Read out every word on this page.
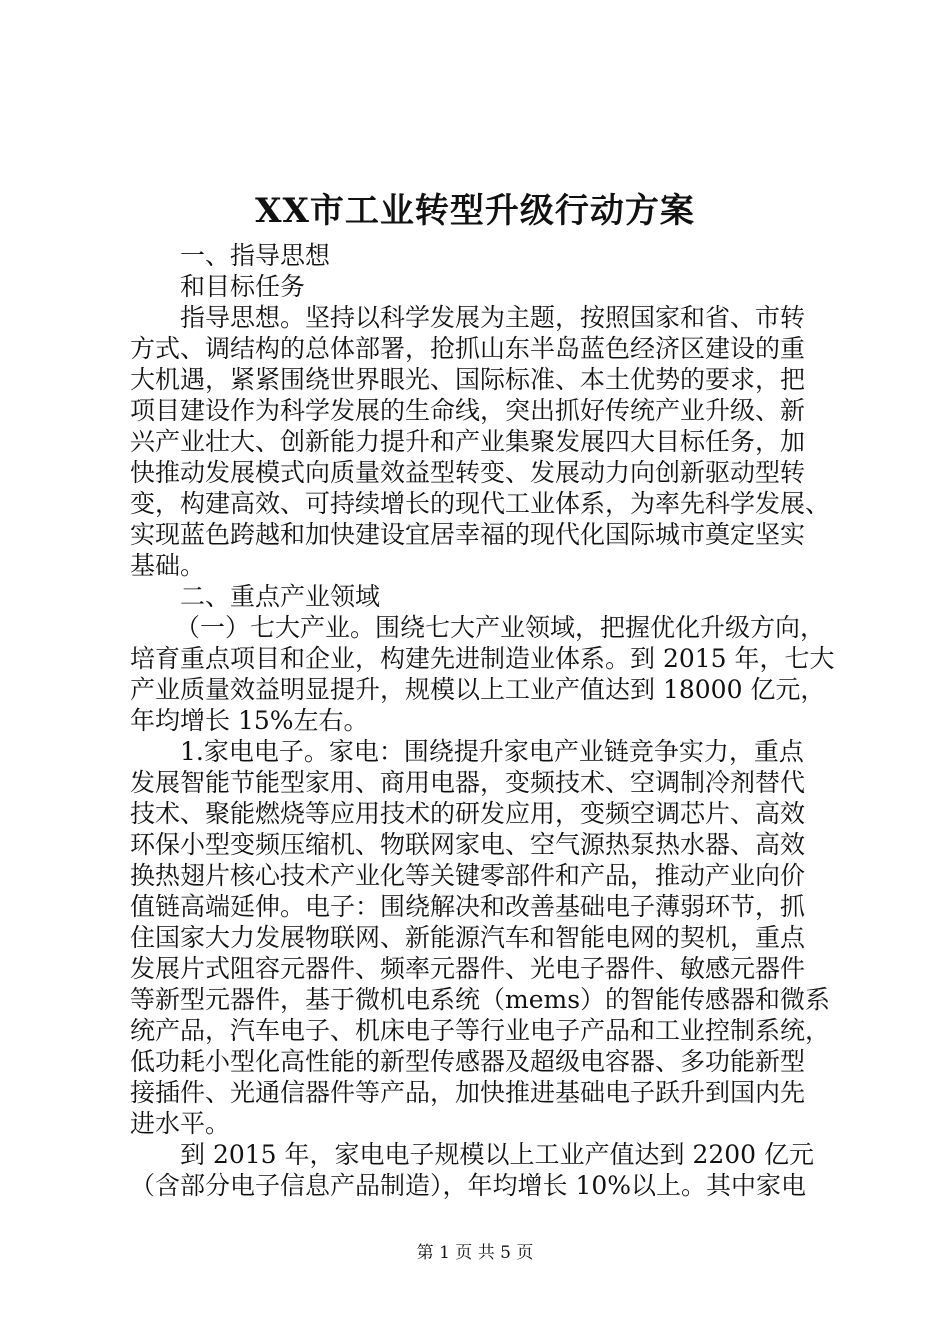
XX市工业转型升级行动方案
一、指导思想
和目标任务
指导思想。坚持以科学发展为主题，按照国家和省、市转
方式、调结构的总体部署，抢抓山东半岛蓝色经济区建设的重
大机遇，紧紧围绕世界眼光、国际标准、本土优势的要求，把
项目建设作为科学发展的生命线，突出抓好传统产业升级、新
兴产业壮大、创新能力提升和产业集聚发展四大目标任务，加
快推动发展模式向质量效益型转变、发展动力向创新驱动型转
变，构建高效、可持续增长的现代工业体系，为率先科学发展、
实现蓝色跨越和加快建设宜居幸福的现代化国际城市奠定坚实
基础。
二、重点产业领域
（一）七大产业。围绕七大产业领域，把握优化升级方向，
培育重点项目和企业，构建先进制造业体系。到 2015 年，七大
产业质量效益明显提升，规模以上工业产值达到 18000 亿元，
年均增长 15%左右。
1.家电电子。家电：围绕提升家电产业链竞争实力，重点
发展智能节能型家用、商用电器，变频技术、空调制冷剂替代
技术、聚能燃烧等应用技术的研发应用，变频空调芯片、高效
环保小型变频压缩机、物联网家电、空气源热泵热水器、高效
换热翅片核心技术产业化等关键零部件和产品，推动产业向价
值链高端延伸。电子：围绕解决和改善基础电子薄弱环节，抓
住国家大力发展物联网、新能源汽车和智能电网的契机，重点
发展片式阻容元器件、频率元器件、光电子器件、敏感元器件
等新型元器件，基于微机电系统（mems）的智能传感器和微系
统产品，汽车电子、机床电子等行业电子产品和工业控制系统，
低功耗小型化高性能的新型传感器及超级电容器、多功能新型
接插件、光通信器件等产品，加快推进基础电子跃升到国内先
进水平。
到 2015 年，家电电子规模以上工业产值达到 2200 亿元
（含部分电子信息产品制造），年均增长 10%以上。其中家电
第 1 页 共 5 页
